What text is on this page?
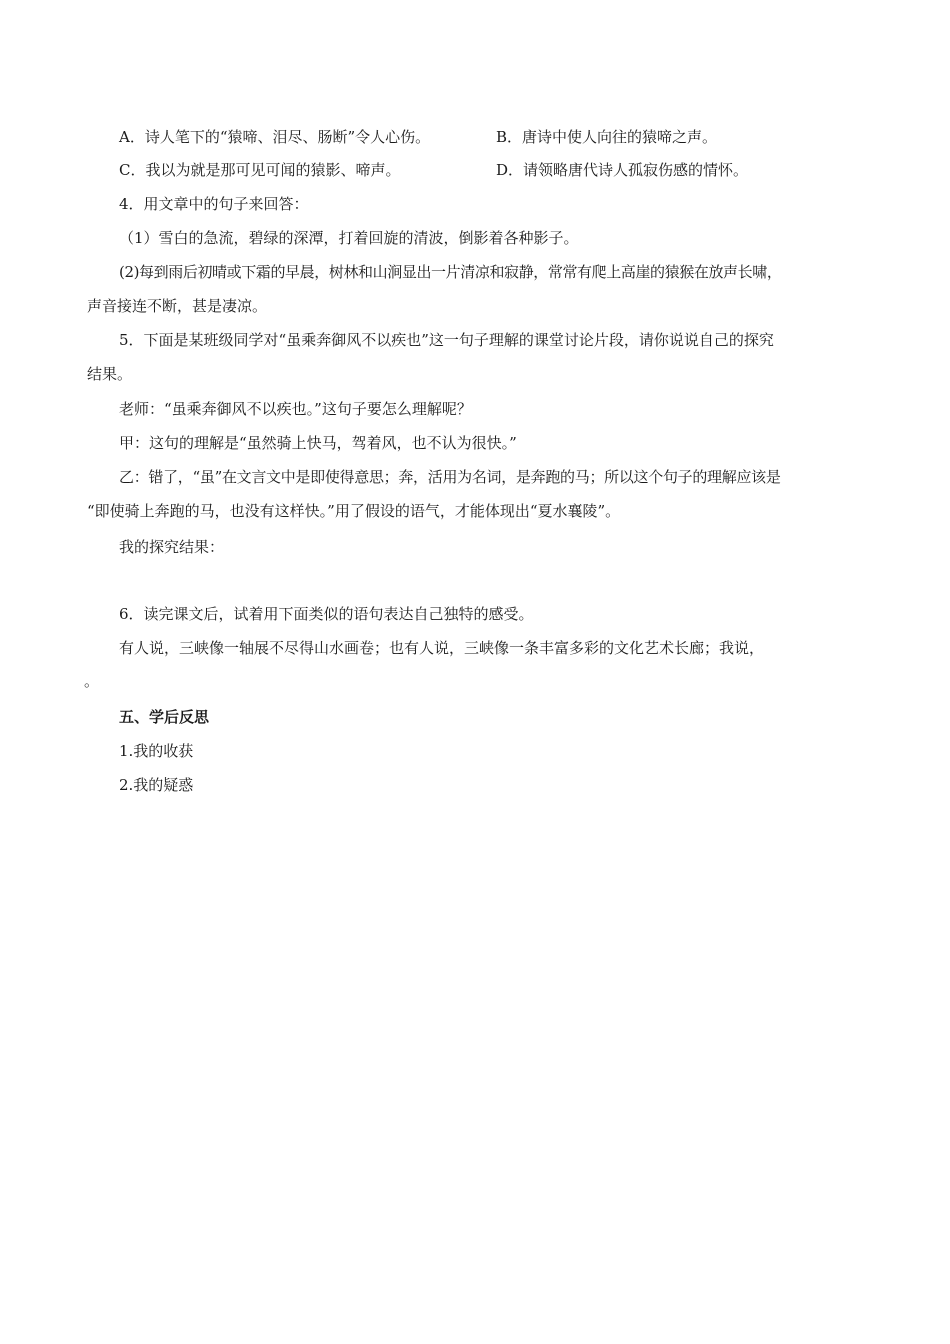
A．诗人笔下的“猿啼、泪尽、肠断”令人心伤。	B．唐诗中使人向往的猿啼之声。
C．我以为就是那可见可闻的猿影、啼声。	D．请领略唐代诗人孤寂伤感的情怀。
4．用文章中的句子来回答：
（1）雪白的急流，碧绿的深潭，打着回旋的清波，倒影着各种影子。
(2)每到雨后初晴或下霜的早晨，树林和山涧显出一片清凉和寂静，常常有爬上高崖的猿猴在放声长啸，
声音接连不断，甚是凄凉。
5．下面是某班级同学对“虽乘奔御风不以疾也”这一句子理解的课堂讨论片段，请你说说自己的探究
结果。
老师：“虽乘奔御风不以疾也。”这句子要怎么理解呢？
甲：这句的理解是“虽然骑上快马，驾着风，也不认为很快。”
乙：错了，“虽”在文言文中是即使得意思；奔，活用为名词，是奔跑的马；所以这个句子的理解应该是
“即使骑上奔跑的马，也没有这样快。”用了假设的语气，才能体现出“夏水襄陵”。
我的探究结果：
6．读完课文后，试着用下面类似的语句表达自己独特的感受。
有人说，三峡像一轴展不尽得山水画卷；也有人说，三峡像一条丰富多彩的文化艺术长廊；我说，
。
五、学后反思
1.我的收获
2.我的疑惑
